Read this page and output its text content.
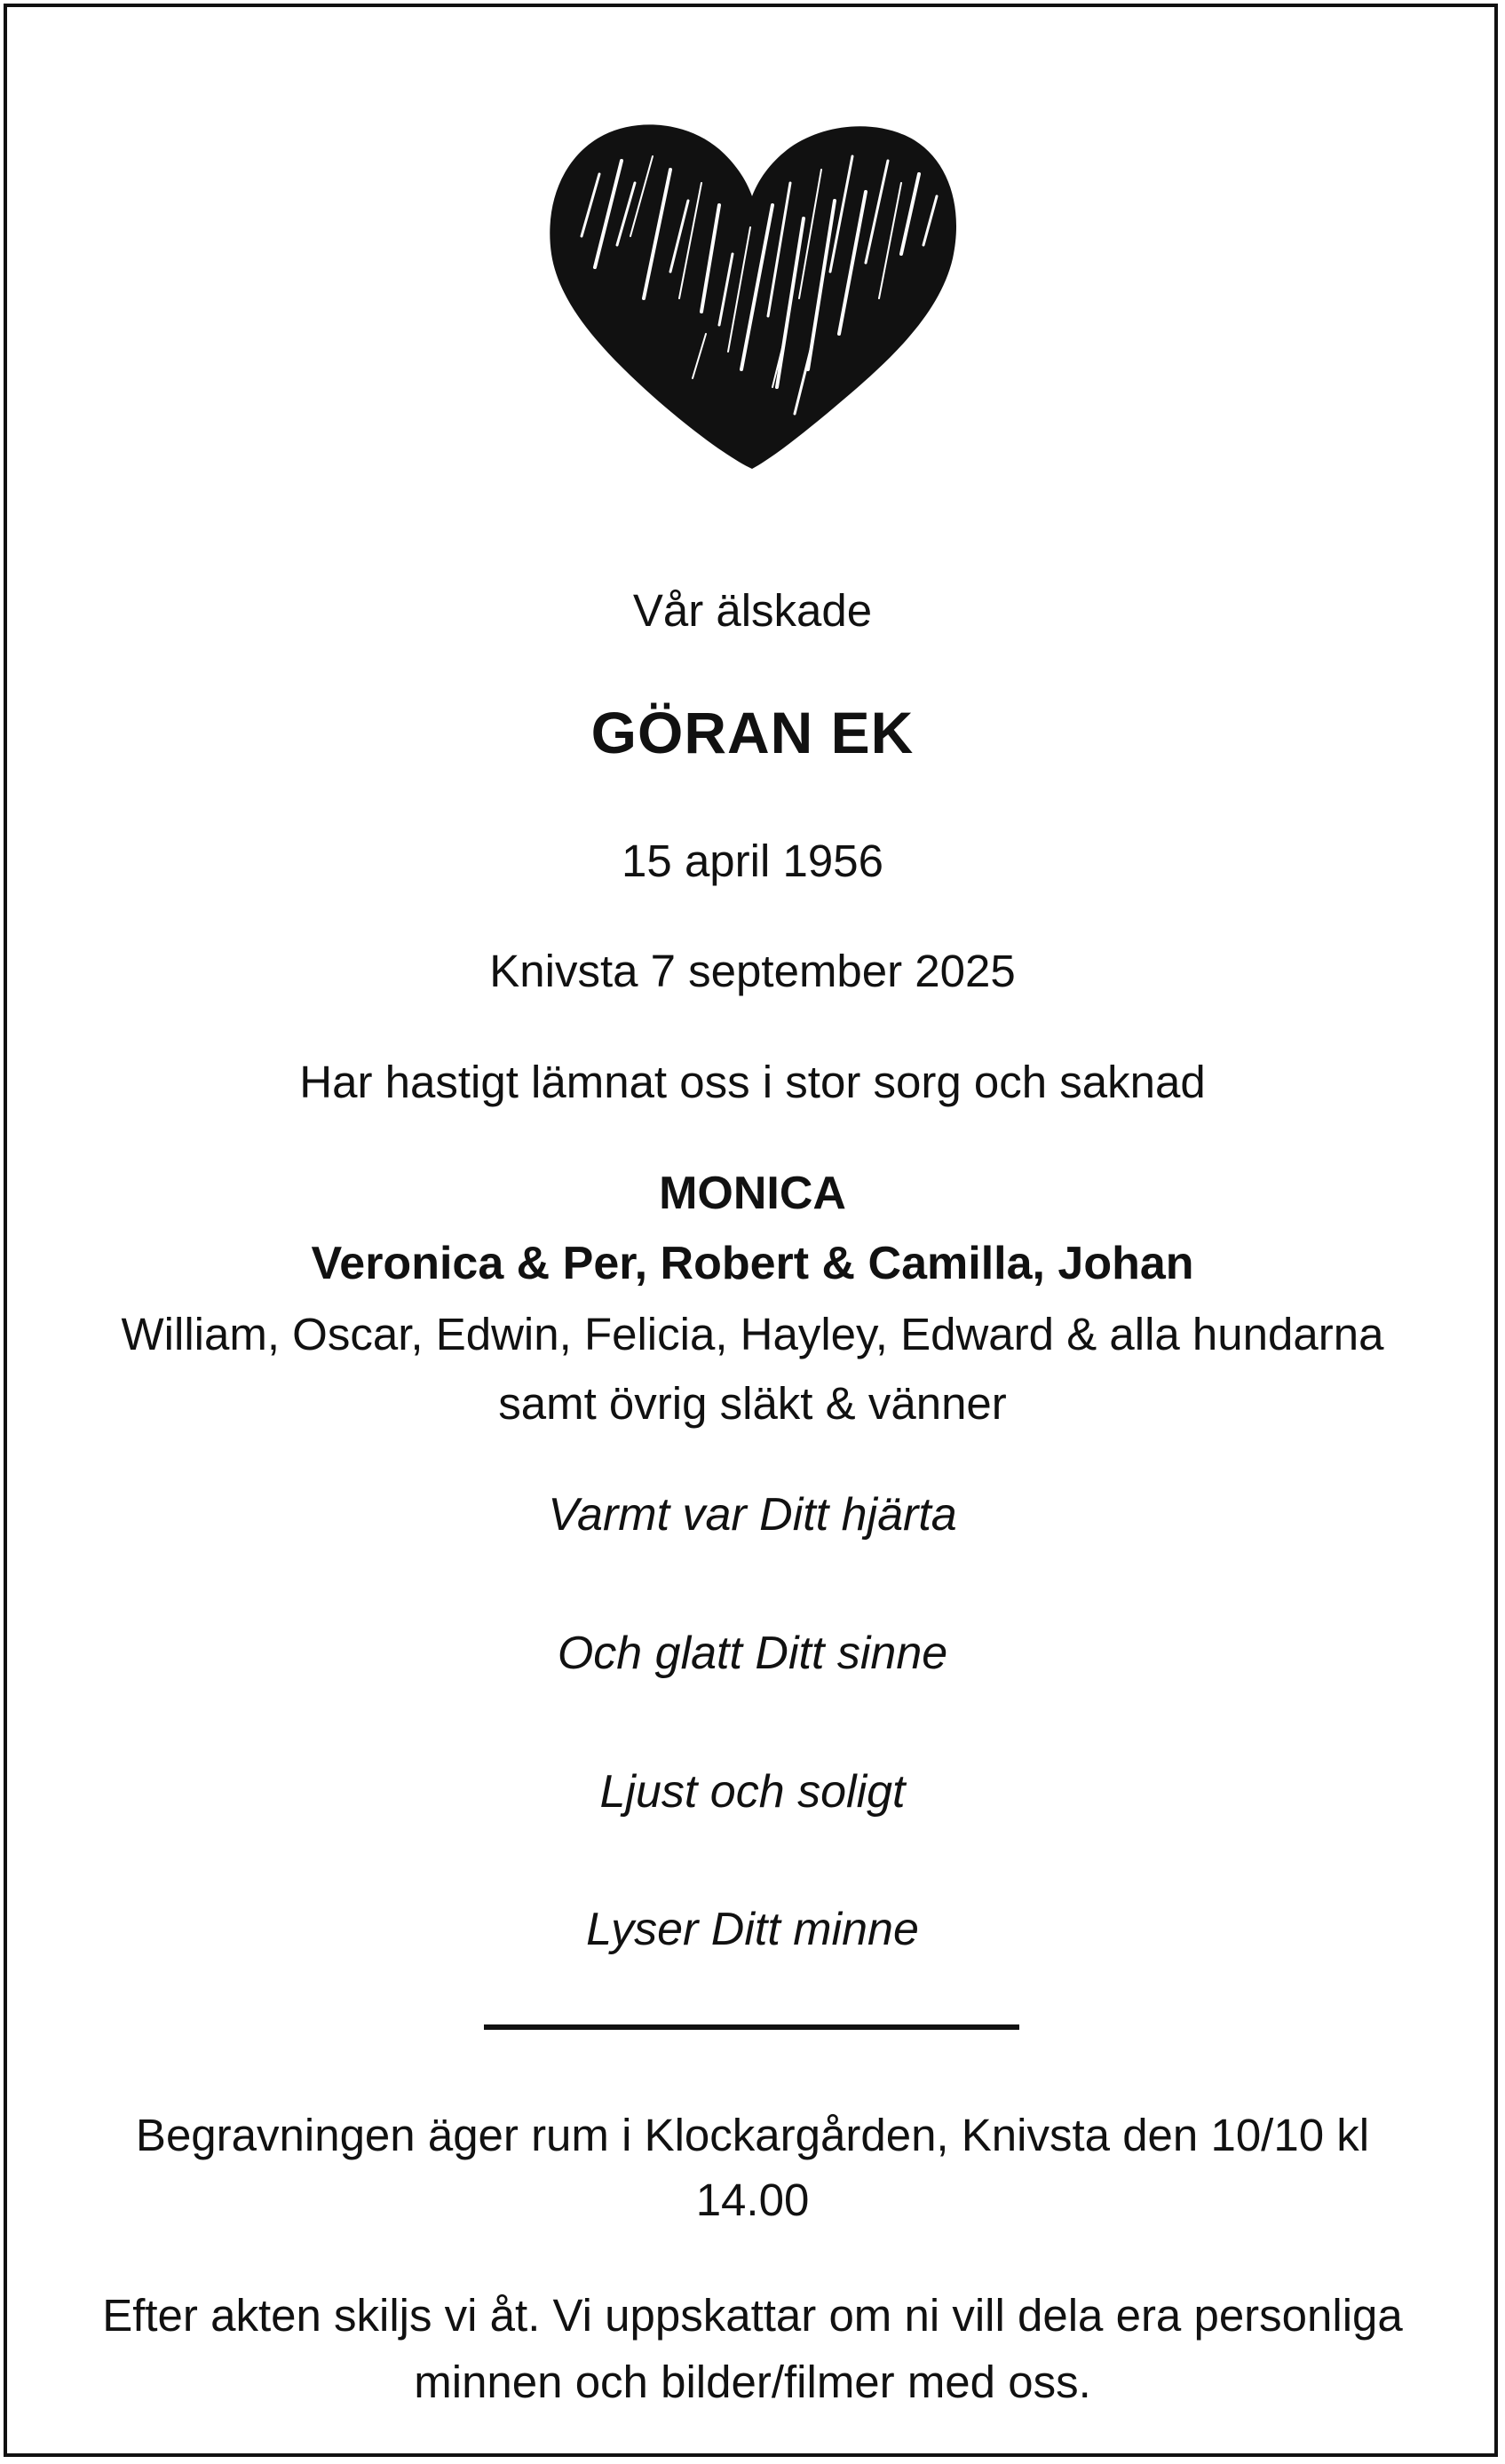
Vår älskade
GÖRAN EK
15 april 1956
Knivsta 7 september 2025
Har hastigt lämnat oss i stor sorg och saknad
MONICA
Veronica & Per, Robert & Camilla, Johan
William, Oscar, Edwin, Felicia, Hayley, Edward & alla hundarna
samt övrig släkt & vänner
Varmt var Ditt hjärta
Och glatt Ditt sinne
Ljust och soligt
Lyser Ditt minne
Begravningen äger rum i Klockargården, Knivsta den 10/10 kl
14.00
Efter akten skiljs vi åt. Vi uppskattar om ni vill dela era personliga
minnen och bilder/filmer med oss.
